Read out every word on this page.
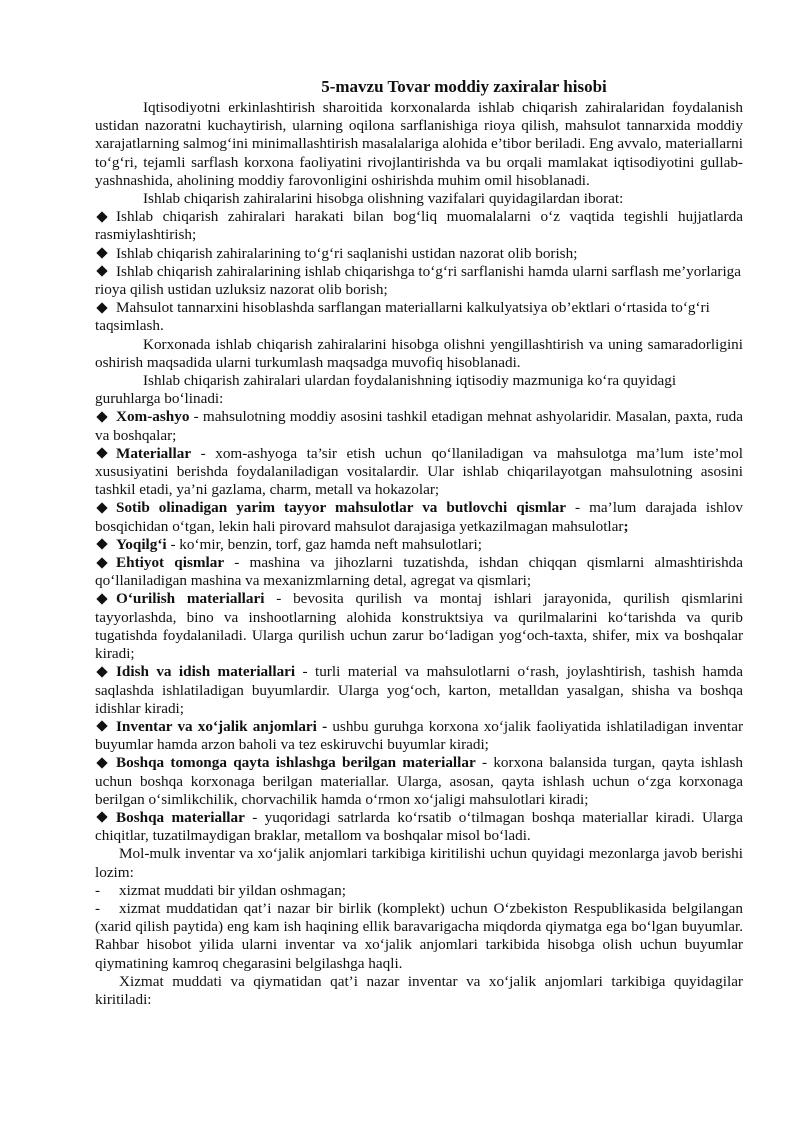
5-mavzu Tovar moddiy zaxiralar hisobi

Iqtisodiyotni erkinlashtirish sharoitida korxonalarda ishlab chiqarish zahiralaridan foydalanish ustidan nazoratni kuchaytirish, ularning oqilona sarflanishiga rioya qilish, mahsulot tannarxida moddiy xarajatlarning salmog‘ini minimallashtirish masalalariga alohida e’tibor beriladi. Eng avvalo, materiallarni to‘g‘ri, tejamli sarflash korxona faoliyatini rivojlantirishda va bu orqali mamlakat iqtisodiyotini gullab-yashnashida, aholining moddiy farovonligini oshirishda muhim omil hisoblanadi.

Ishlab chiqarish zahiralarini hisobga olishning vazifalari quyidagilardan iborat:

Ishlab chiqarish zahiralari harakati bilan bog‘liq muomalalarni o‘z vaqtida tegishli hujjatlarda rasmiylashtirish;

Ishlab chiqarish zahiralarining to‘g‘ri saqlanishi ustidan nazorat olib borish;

Ishlab chiqarish zahiralarining ishlab chiqarishga to‘g‘ri sarflanishi hamda ularni sarflash me’yorlariga rioya qilish ustidan uzluksiz nazorat olib borish;

Mahsulot tannarxini hisoblashda sarflangan materiallarni kalkulyatsiya ob’ektlari o‘rtasida to‘g‘ri taqsimlash.

Korxonada ishlab chiqarish zahiralarini hisobga olishni yengillashtirish va uning samaradorligini oshirish maqsadida ularni turkumlash maqsadga muvofiq hisoblanadi.

Ishlab chiqarish zahiralari ulardan foydalanishning iqtisodiy mazmuniga ko‘ra quyidagi guruhlarga bo‘linadi:

Xom-ashyo - mahsulotning moddiy asosini tashkil etadigan mehnat ashyolaridir. Masalan, paxta, ruda va boshqalar;

Materiallar - xom-ashyoga ta’sir etish uchun qo‘llaniladigan va mahsulotga ma’lum iste’mol xususiyatini berishda foydalaniladigan vositalardir. Ular ishlab chiqarilayotgan mahsulotning asosini tashkil etadi, ya’ni gazlama, charm, metall va hokazolar;

Sotib olinadigan yarim tayyor mahsulotlar va butlovchi qismlar - ma’lum darajada ishlov bosqichidan o‘tgan, lekin hali pirovard mahsulot darajasiga yetkazilmagan mahsulotlar;

Yoqilg‘i - ko‘mir, benzin, torf, gaz hamda neft mahsulotlari;

Ehtiyot qismlar - mashina va jihozlarni tuzatishda, ishdan chiqqan qismlarni almashtirishda qo‘llaniladigan mashina va mexanizmlarning detal, agregat va qismlari;

O‘urilish materiallari - bevosita qurilish va montaj ishlari jarayonida, qurilish qismlarini tayyorlashda, bino va inshootlarning alohida konstruktsiya va qurilmalarini ko‘tarishda va qurib tugatishda foydalaniladi. Ularga qurilish uchun zarur bo‘ladigan yog‘och-taxta, shifer, mix va boshqalar kiradi;

Idish va idish materiallari - turli material va mahsulotlarni o‘rash, joylashtirish, tashish hamda saqlashda ishlatiladigan buyumlardir. Ularga yog‘och, karton, metalldan yasalgan, shisha va boshqa idishlar kiradi;

Inventar va xo‘jalik anjomlari - ushbu guruhga korxona xo‘jalik faoliyatida ishlatiladigan inventar buyumlar hamda arzon baholi va tez eskiruvchi buyumlar kiradi;

Boshqa tomonga qayta ishlashga berilgan materiallar - korxona balansida turgan, qayta ishlash uchun boshqa korxonaga berilgan materiallar. Ularga, asosan, qayta ishlash uchun o‘zga korxonaga berilgan o‘simlikchilik, chorvachilik hamda o‘rmon xo‘jaligi mahsulotlari kiradi;

Boshqa materiallar - yuqoridagi satrlarda ko‘rsatib o‘tilmagan boshqa materiallar kiradi. Ularga chiqitlar, tuzatilmaydigan braklar, metallom va boshqalar misol bo‘ladi.

Mol-mulk inventar va xo‘jalik anjomlari tarkibiga kiritilishi uchun quyidagi mezonlarga javob berishi lozim:

- xizmat muddati bir yildan oshmagan;

- xizmat muddatidan qat’i nazar bir birlik (komplekt) uchun O‘zbekiston Respublikasida belgilangan (xarid qilish paytida) eng kam ish haqining ellik baravarigacha miqdorda qiymatga ega bo‘lgan buyumlar. Rahbar hisobot yilida ularni inventar va xo‘jalik anjomlari tarkibida hisobga olish uchun buyumlar qiymatining kamroq chegarasini belgilashga haqli.

Xizmat muddati va qiymatidan qat’i nazar inventar va xo‘jalik anjomlari tarkibiga quyidagilar kiritiladi:
